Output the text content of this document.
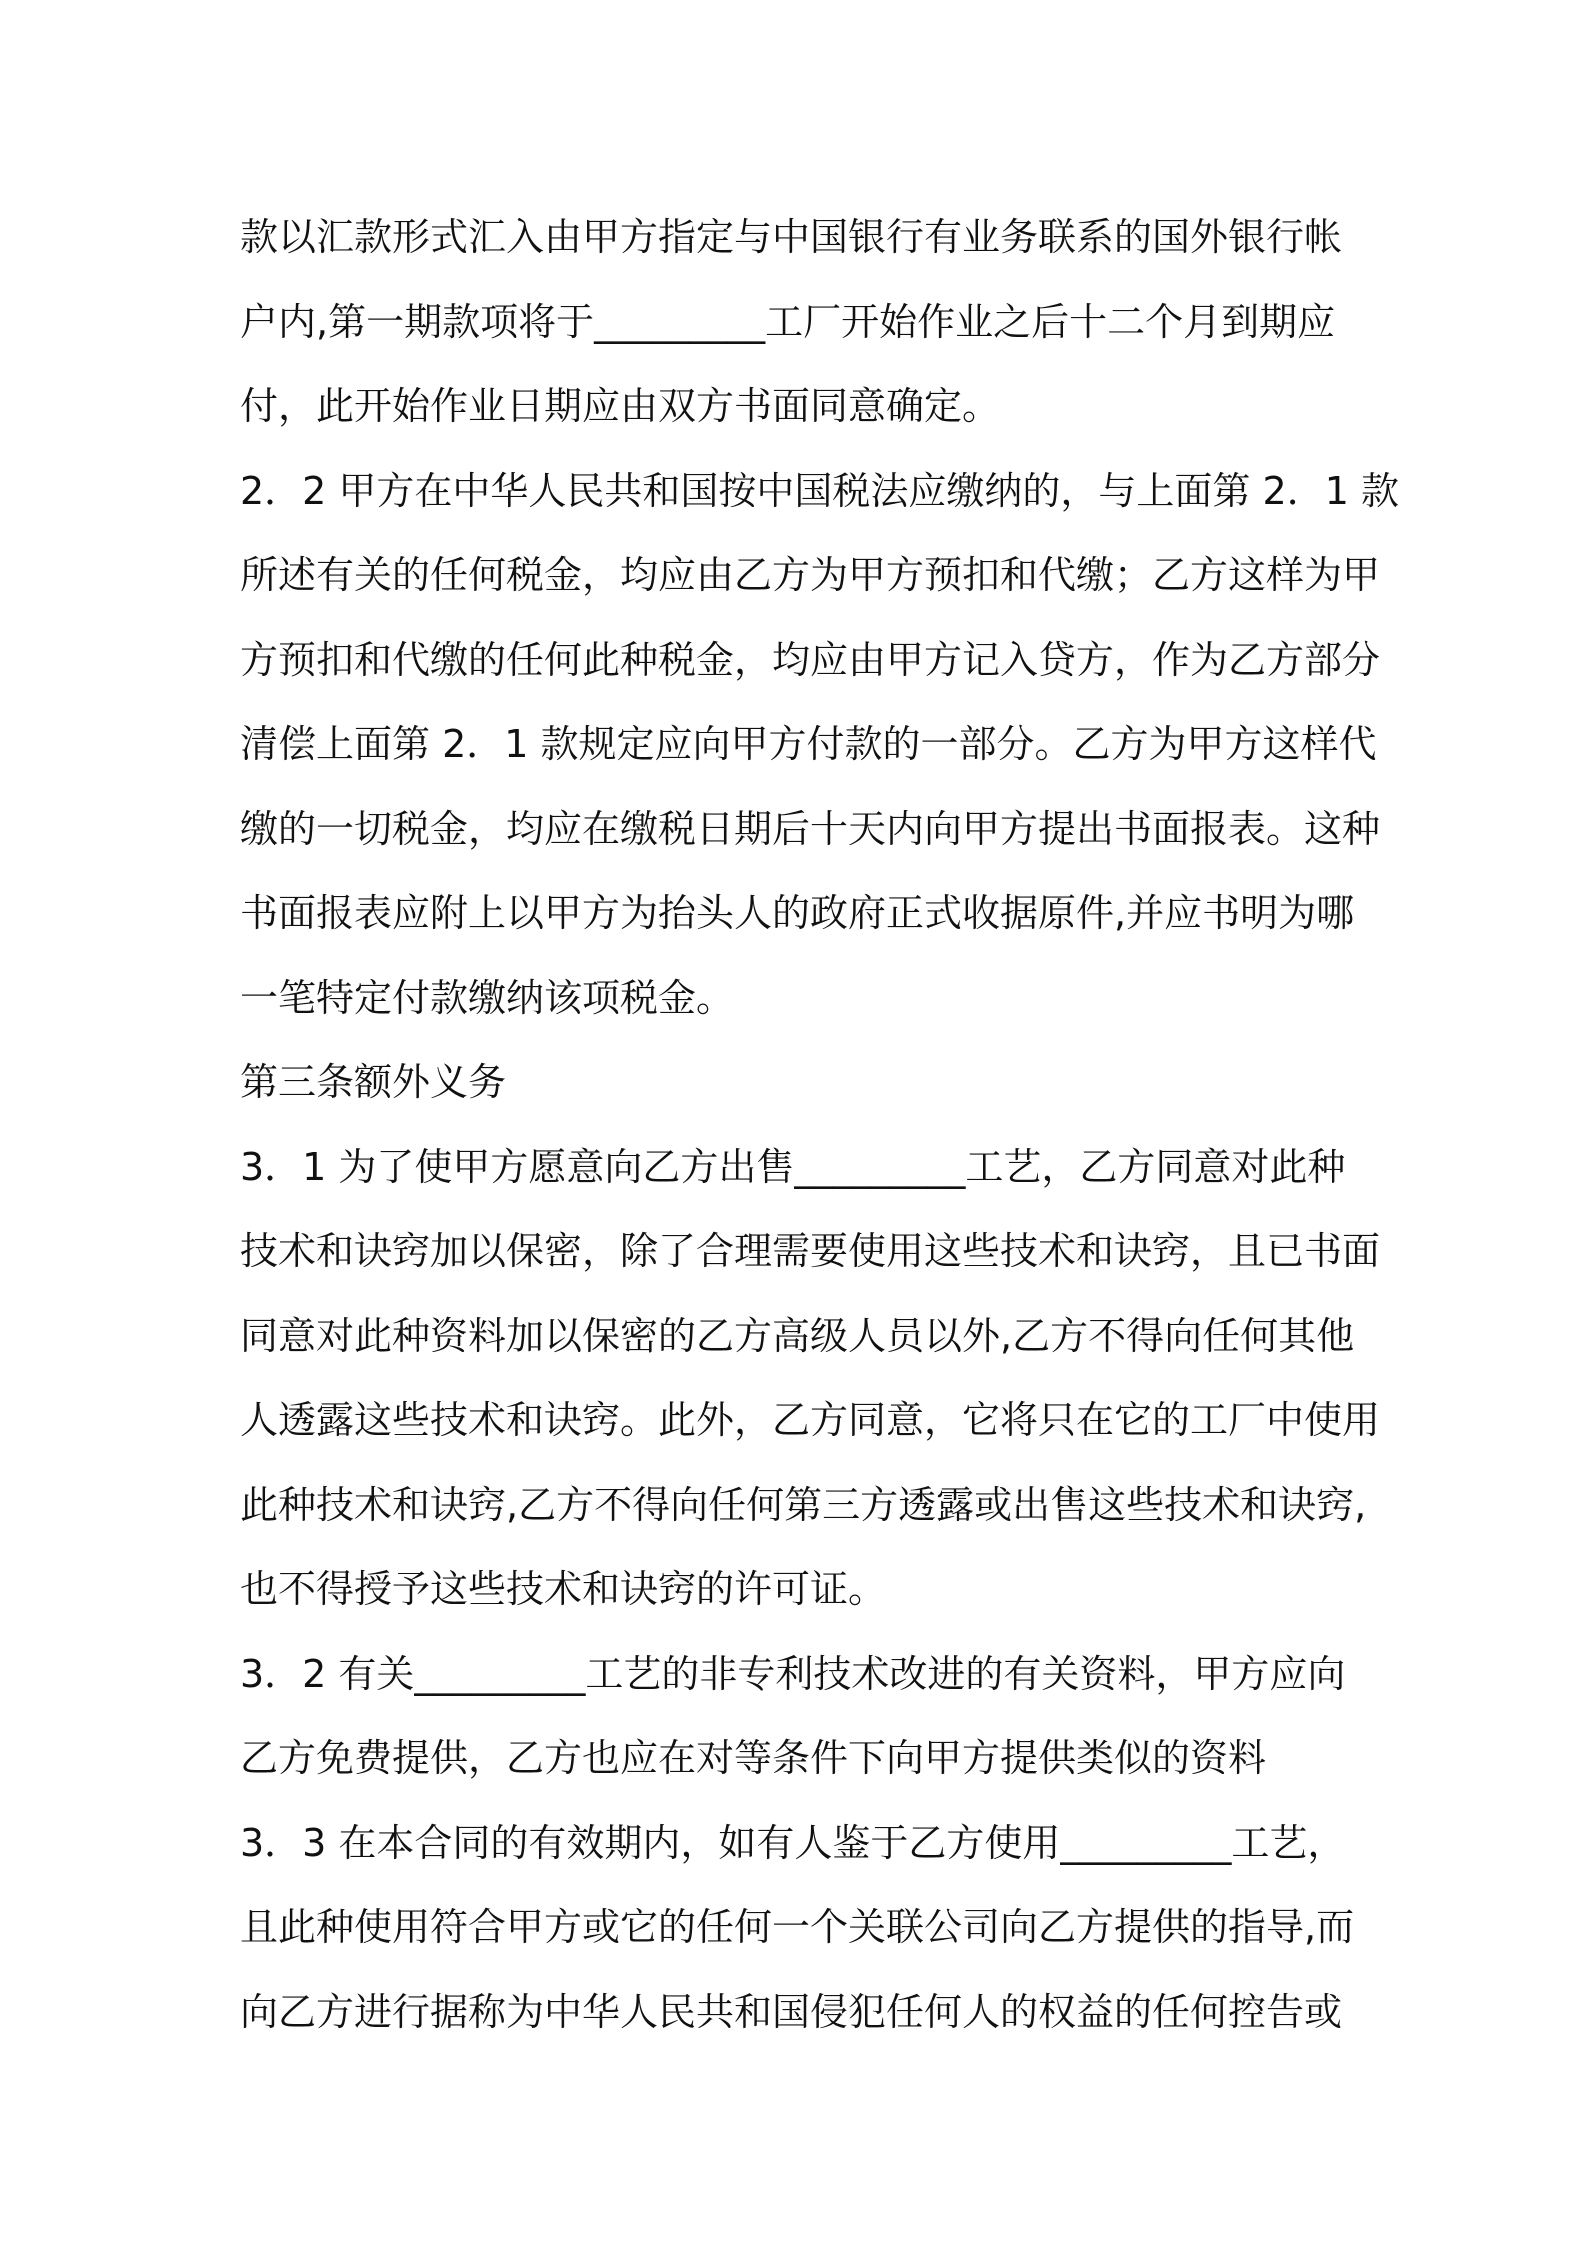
款以汇款形式汇入由甲方指定与中国银行有业务联系的国外银行帐
户内,第一期款项将于_________工厂开始作业之后十二个月到期应
付，此开始作业日期应由双方书面同意确定。
2．2 甲方在中华人民共和国按中国税法应缴纳的，与上面第 2．1 款
所述有关的任何税金，均应由乙方为甲方预扣和代缴；乙方这样为甲
方预扣和代缴的任何此种税金，均应由甲方记入贷方，作为乙方部分
清偿上面第 2．1 款规定应向甲方付款的一部分。乙方为甲方这样代
缴的一切税金，均应在缴税日期后十天内向甲方提出书面报表。这种
书面报表应附上以甲方为抬头人的政府正式收据原件,并应书明为哪
一笔特定付款缴纳该项税金。
第三条额外义务
3．1 为了使甲方愿意向乙方出售_________工艺，乙方同意对此种
技术和诀窍加以保密，除了合理需要使用这些技术和诀窍，且已书面
同意对此种资料加以保密的乙方高级人员以外,乙方不得向任何其他
人透露这些技术和诀窍。此外，乙方同意，它将只在它的工厂中使用
此种技术和诀窍,乙方不得向任何第三方透露或出售这些技术和诀窍,
也不得授予这些技术和诀窍的许可证。
3．2 有关_________工艺的非专利技术改进的有关资料，甲方应向
乙方免费提供，乙方也应在对等条件下向甲方提供类似的资料
3．3 在本合同的有效期内，如有人鉴于乙方使用_________工艺，
且此种使用符合甲方或它的任何一个关联公司向乙方提供的指导,而
向乙方进行据称为中华人民共和国侵犯任何人的权益的任何控告或
